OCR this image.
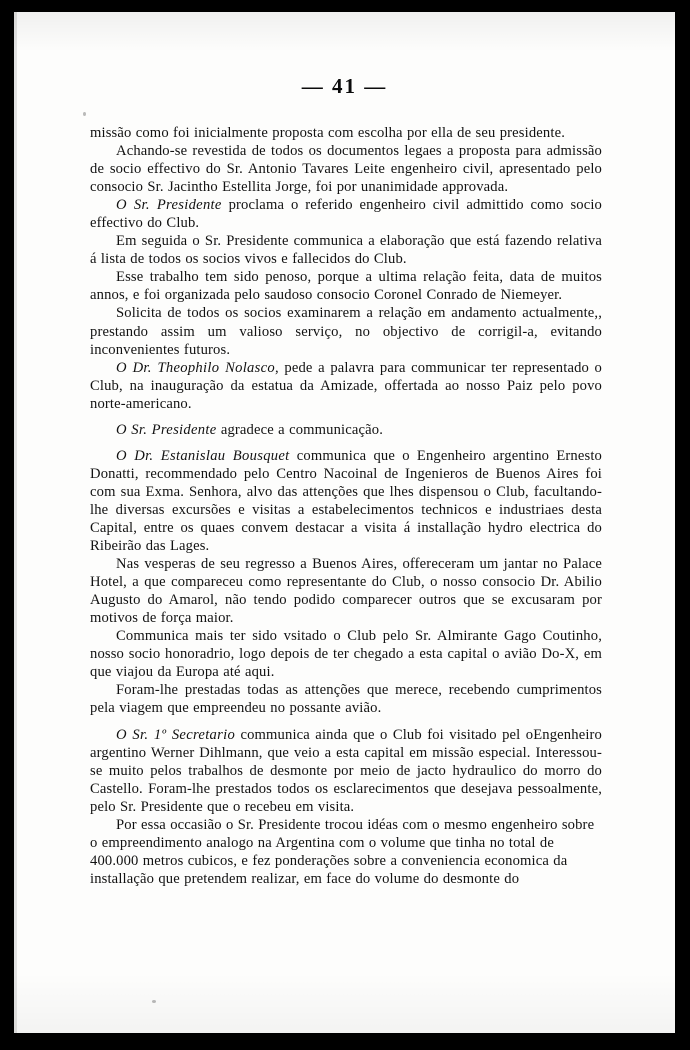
— 41 —

missão como foi inicialmente proposta com escolha por ella de seu presidente.

Achando-se revestida de todos os documentos legaes a proposta para admissão de socio effectivo do Sr. Antonio Tavares Leite engenheiro civil, apresentado pelo consocio Sr. Jacintho Estellita Jorge, foi por unanimidade approvada.

O Sr. Presidente proclama o referido engenheiro civil admittido como socio effectivo do Club.

Em seguida o Sr. Presidente communica a elaboração que está fazendo relativa á lista de todos os socios vivos e fallecidos do Club.

Esse trabalho tem sido penoso, porque a ultima relação feita, data de muitos annos, e foi organizada pelo saudoso consocio Coronel Conrado de Niemeyer.

Solicita de todos os socios examinarem a relação em andamento actualmente,, prestando assim um valioso serviço, no objectivo de corrigil-a, evitando inconvenientes futuros.

O Dr. Theophilo Nolasco, pede a palavra para communicar ter representado o Club, na inauguração da estatua da Amizade, offertada ao nosso Paiz pelo povo norte-americano.

O Sr. Presidente agradece a communicação.

O Dr. Estanislau Bousquet communica que o Engenheiro argentino Ernesto Donatti, recommendado pelo Centro Nacoinal de Ingenieros de Buenos Aires foi com sua Exma. Senhora, alvo das attenções que lhes dispensou o Club, facultando-lhe diversas excursões e visitas a estabelecimentos technicos e industriaes desta Capital, entre os quaes convem destacar a visita á installação hydro electrica do Ribeirão das Lages.

Nas vesperas de seu regresso a Buenos Aires, offereceram um jantar no Palace Hotel, a que compareceu como representante do Club, o nosso consocio Dr. Abilio Augusto do Amarol, não tendo podido comparecer outros que se excusaram por motivos de força maior.

Communica mais ter sido vsitado o Club pelo Sr. Almirante Gago Coutinho, nosso socio honoradrio, logo depois de ter chegado a esta capital o avião Do-X, em que viajou da Europa até aqui.

Foram-lhe prestadas todas as attenções que merece, recebendo cumprimentos pela viagem que empreendeu no possante avião.

O Sr. 1º Secretario communica ainda que o Club foi visitado pel oEngenheiro argentino Werner Dihlmann, que veio a esta capital em missão especial. Interessou-se muito pelos trabalhos de desmonte por meio de jacto hydraulico do morro do Castello. Foram-lhe prestados todos os esclarecimentos que desejava pessoalmente, pelo Sr. Presidente que o recebeu em visita.

Por essa occasião o Sr. Presidente trocou idéas com o mesmo engenheiro sobre o empreendimento analogo na Argentina com o volume que tinha no total de 400.000 metros cubicos, e fez ponderações sobre a conveniencia economica da installação que pretendem realizar, em face do volume do desmonte do
